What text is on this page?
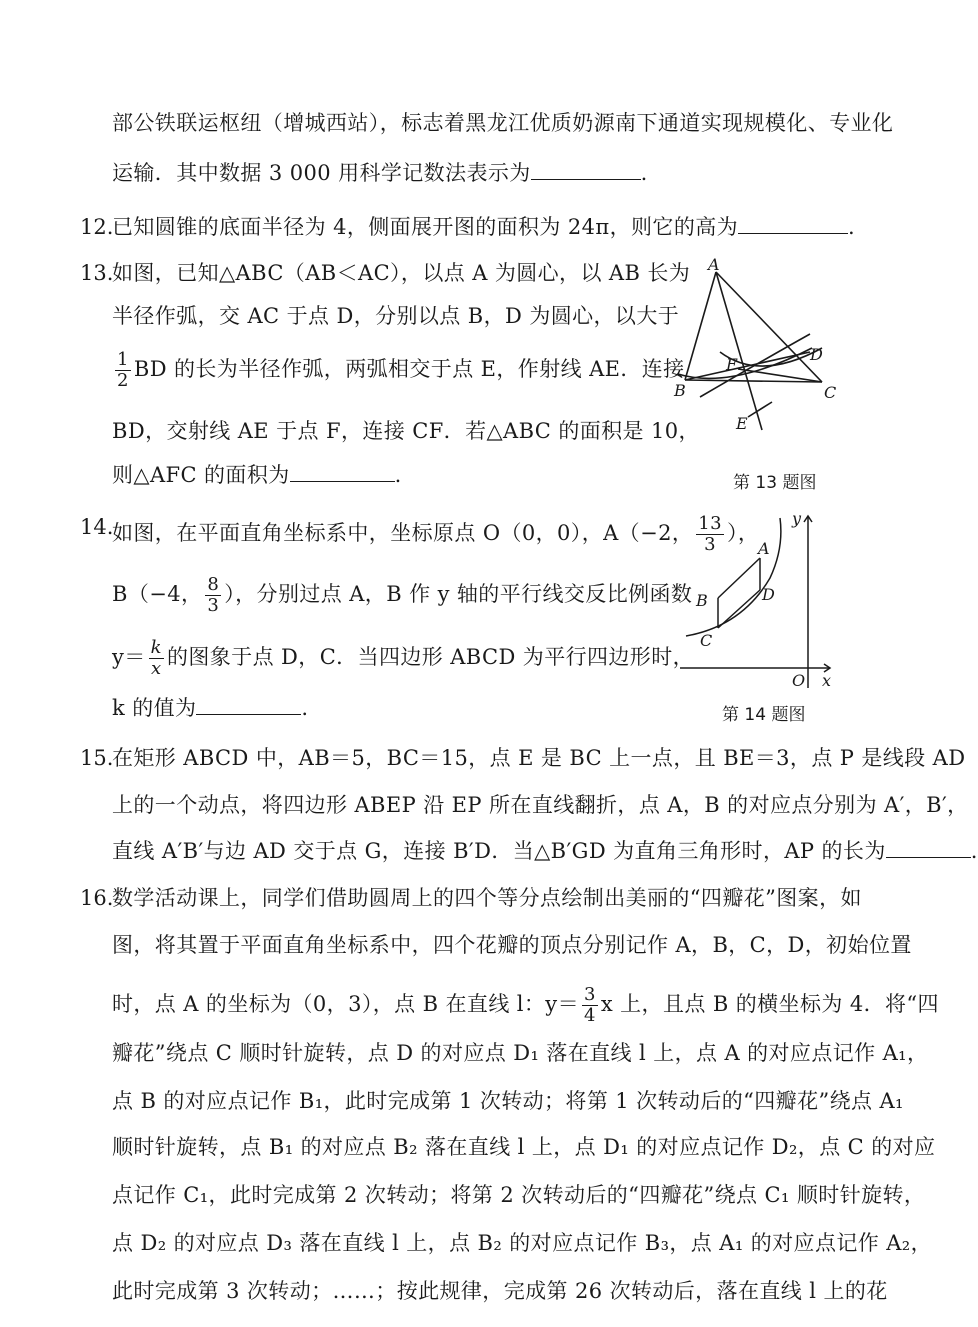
部公铁联运枢纽（增城西站），标志着黑龙江优质奶源南下通道实现规模化、专业化
运输．其中数据 3 000 用科学记数法表示为	.
12.
已知圆锥的底面半径为 4，侧面展开图的面积为 24π，则它的高为	.
13.
如图，已知△ABC（AB＜AC），以点 A 为圆心，以 AB 长为
半径作弧，交 AC 于点 D，分别以点 B，D 为圆心，以大于
$\frac{1}{2}$ BD 的长为半径作弧，两弧相交于点 E，作射线 AE．连接
BD，交射线 AE 于点 F，连接 CF．若△ABC 的面积是 10，
则△AFC 的面积为	.
A
B	C
D
F
E
第 13 题图
14.
如图，在平面直角坐标系中，坐标原点 O（0，0），A（−2， $\frac{13}{3}$ ），
B（−4， $\frac{8}{3}$ ），分别过点 A，B 作 y 轴的平行线交反比例函数
$y= \frac{k}{x}$ 的图象于点 D，C．当四边形 ABCD 为平行四边形时，
k 的值为	.
y
A
B	D
C
O x
第 14 题图
15.
在矩形 ABCD 中，AB＝5，BC＝15，点 E 是 BC 上一点，且 BE＝3，点 P 是线段 AD
上的一个动点，将四边形 ABEP 沿 EP 所在直线翻折，点 A，B 的对应点分别为 A′，B′，
直线 A′B′与边 AD 交于点 G，连接 B′D．当△B′GD 为直角三角形时，AP 的长为	.
16.
数学活动课上，同学们借助圆周上的四个等分点绘制出美丽的“四瓣花”图案，如
图，将其置于平面直角坐标系中，四个花瓣的顶点分别记作 A，B，C，D，初始位置
时，点 A 的坐标为（0，3），点 B 在直线 l：$y= \frac{3}{4}$ x 上，且点 B 的横坐标为 4．将“四
瓣花”绕点 C 顺时针旋转，点 D 的对应点 D₁ 落在直线 l 上，点 A 的对应点记作 A₁，
点 B 的对应点记作 B₁，此时完成第 1 次转动；将第 1 次转动后的“四瓣花”绕点 A₁
顺时针旋转，点 B₁ 的对应点 B₂ 落在直线 l 上，点 D₁ 的对应点记作 D₂，点 C 的对应
点记作 C₁，此时完成第 2 次转动；将第 2 次转动后的“四瓣花”绕点 C₁ 顺时针旋转，
点 D₂ 的对应点 D₃ 落在直线 l 上，点 B₂ 的对应点记作 B₃，点 A₁ 的对应点记作 A₂，
此时完成第 3 次转动；……；按此规律，完成第 26 次转动后，落在直线 l 上的花
